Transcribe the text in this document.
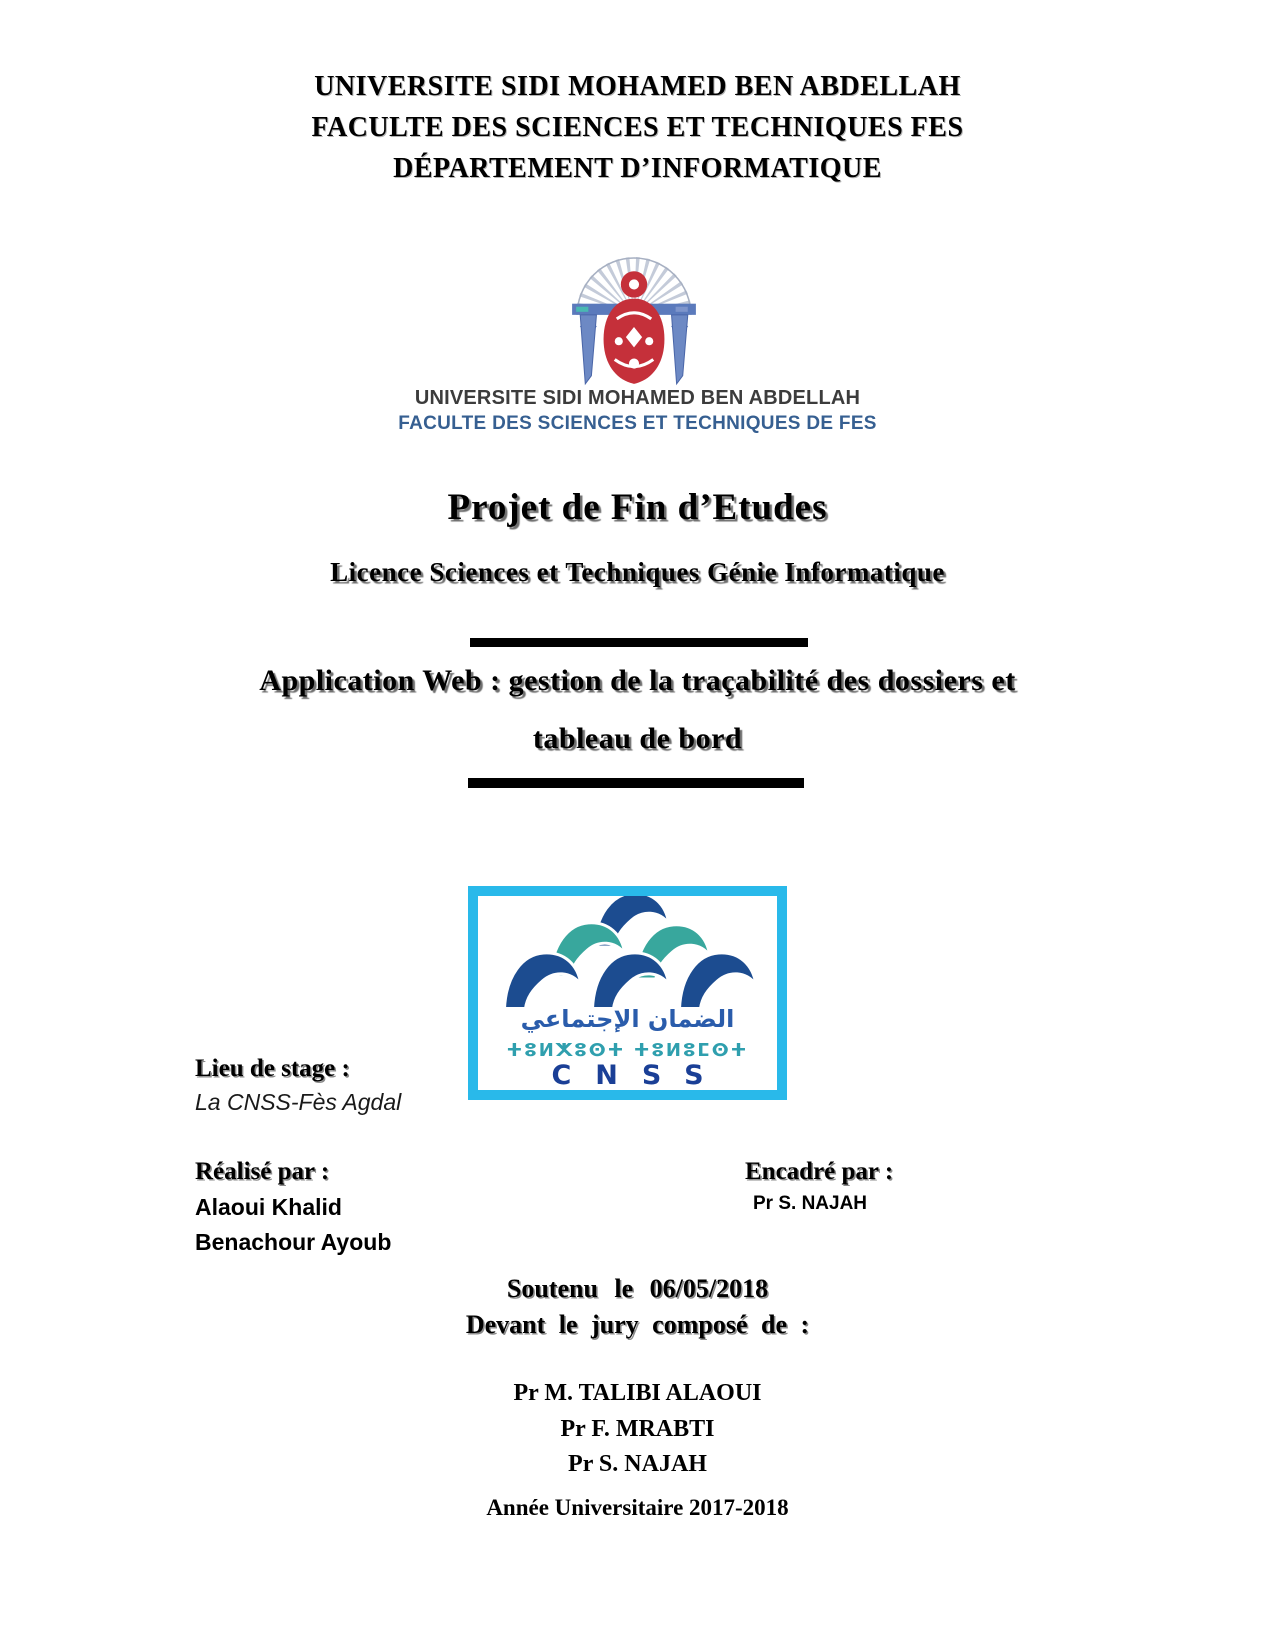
UNIVERSITE SIDI MOHAMED BEN ABDELLAH
FACULTE DES SCIENCES ET TECHNIQUES FES
DÉPARTEMENT D’INFORMATIQUE
UNIVERSITE SIDI MOHAMED BEN ABDELLAH
FACULTE DES SCIENCES ET TECHNIQUES DE FES
Projet de Fin d’Etudes
Licence Sciences et Techniques Génie Informatique
Application Web : gestion de la traçabilité des dossiers et
tableau de bord
الضمان الإجتماعي
ⵜⵓⵍⵅⵓⵙⵜ ⵜⵓⵍⵓⵎⵙⵜ
CNSS
Lieu de stage :
La CNSS-Fès Agdal
Réalisé par :
Alaoui Khalid
Benachour Ayoub
Encadré par :
Pr S. NAJAH
Soutenu le 06/05/2018
Devant le jury composé de :
Pr M. TALIBI ALAOUI
Pr F. MRABTI
Pr S. NAJAH
Année Universitaire 2017-2018
